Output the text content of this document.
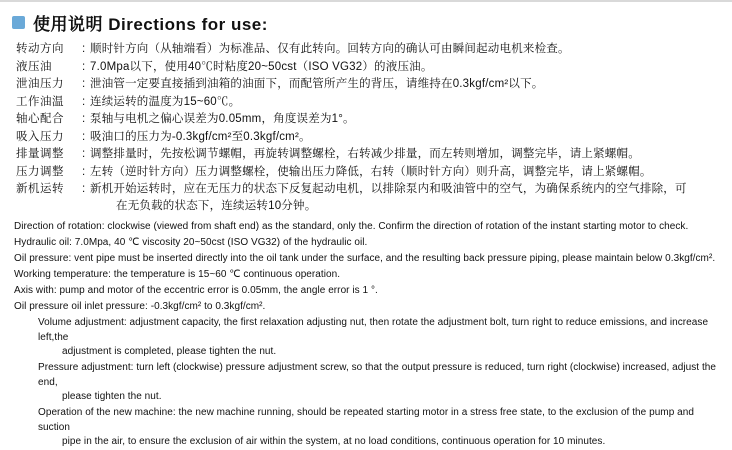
使用说明 Directions for use:
转动方向	: 顺时针方向（从轴端看）为标准品、仅有此转向。回转方向的确认可由瞬间起动电机来检查。
液压油	: 7.0Mpa以下，使用40℃时粘度20~50cst（ISO VG32）的液压油。
泄油压力	: 泄油管一定要直接插到油箱的油面下，而配管所产生的背压，请维持在0.3kgf/cm²以下。
工作油温	: 连续运转的温度为15~60℃。
轴心配合	: 泵轴与电机之偏心误差为0.05mm，角度误差为1°。
吸入压力	: 吸油口的压力为-0.3kgf/cm²至0.3kgf/cm²。
排量调整	: 调整排量时，先按松调节螺帽，再旋转调整螺栓，右转减少排量，而左转则增加，调整完毕，请上紧螺帽。
压力调整	: 左转（逆时针方向）压力调整螺栓，使输出压力降低，右转（顺时针方向）则升高，调整完毕，请上紧螺帽。
新机运转	: 新机开始运转时，应在无压力的状态下反复起动电机，以排除泵内和吸油管中的空气，为确保系统内的空气排除，可
在无负载的状态下，连续运转10分钟。
Direction of rotation: clockwise (viewed from shaft end) as the standard, only the. Confirm the direction of rotation of the instant starting motor to check.
Hydraulic oil: 7.0Mpa, 40 ℃ viscosity 20~50cst (ISO VG32) of the hydraulic oil.
Oil pressure: vent pipe must be inserted directly into the oil tank under the surface, and the resulting back pressure piping, please maintain below 0.3kgf/cm².
Working temperature: the temperature is 15~60 ℃ continuous operation.
Axis with: pump and motor of the eccentric error is 0.05mm, the angle error is 1 °.
Oil pressure oil inlet pressure: -0.3kgf/cm² to 0.3kgf/cm².
Volume adjustment: adjustment capacity, the first relaxation adjusting nut, then rotate the adjustment bolt, turn right to reduce emissions, and increase left,the
adjustment is completed, please tighten the nut.
Pressure adjustment: turn left (clockwise) pressure adjustment screw, so that the output pressure is reduced, turn right (clockwise) increased, adjust the end,
please tighten the nut.
Operation of the new machine: the new machine running, should be repeated starting motor in a stress free state, to the exclusion of the pump and suction
pipe in the air, to ensure the exclusion of air within the system, at no load conditions, continuous operation for 10 minutes.
